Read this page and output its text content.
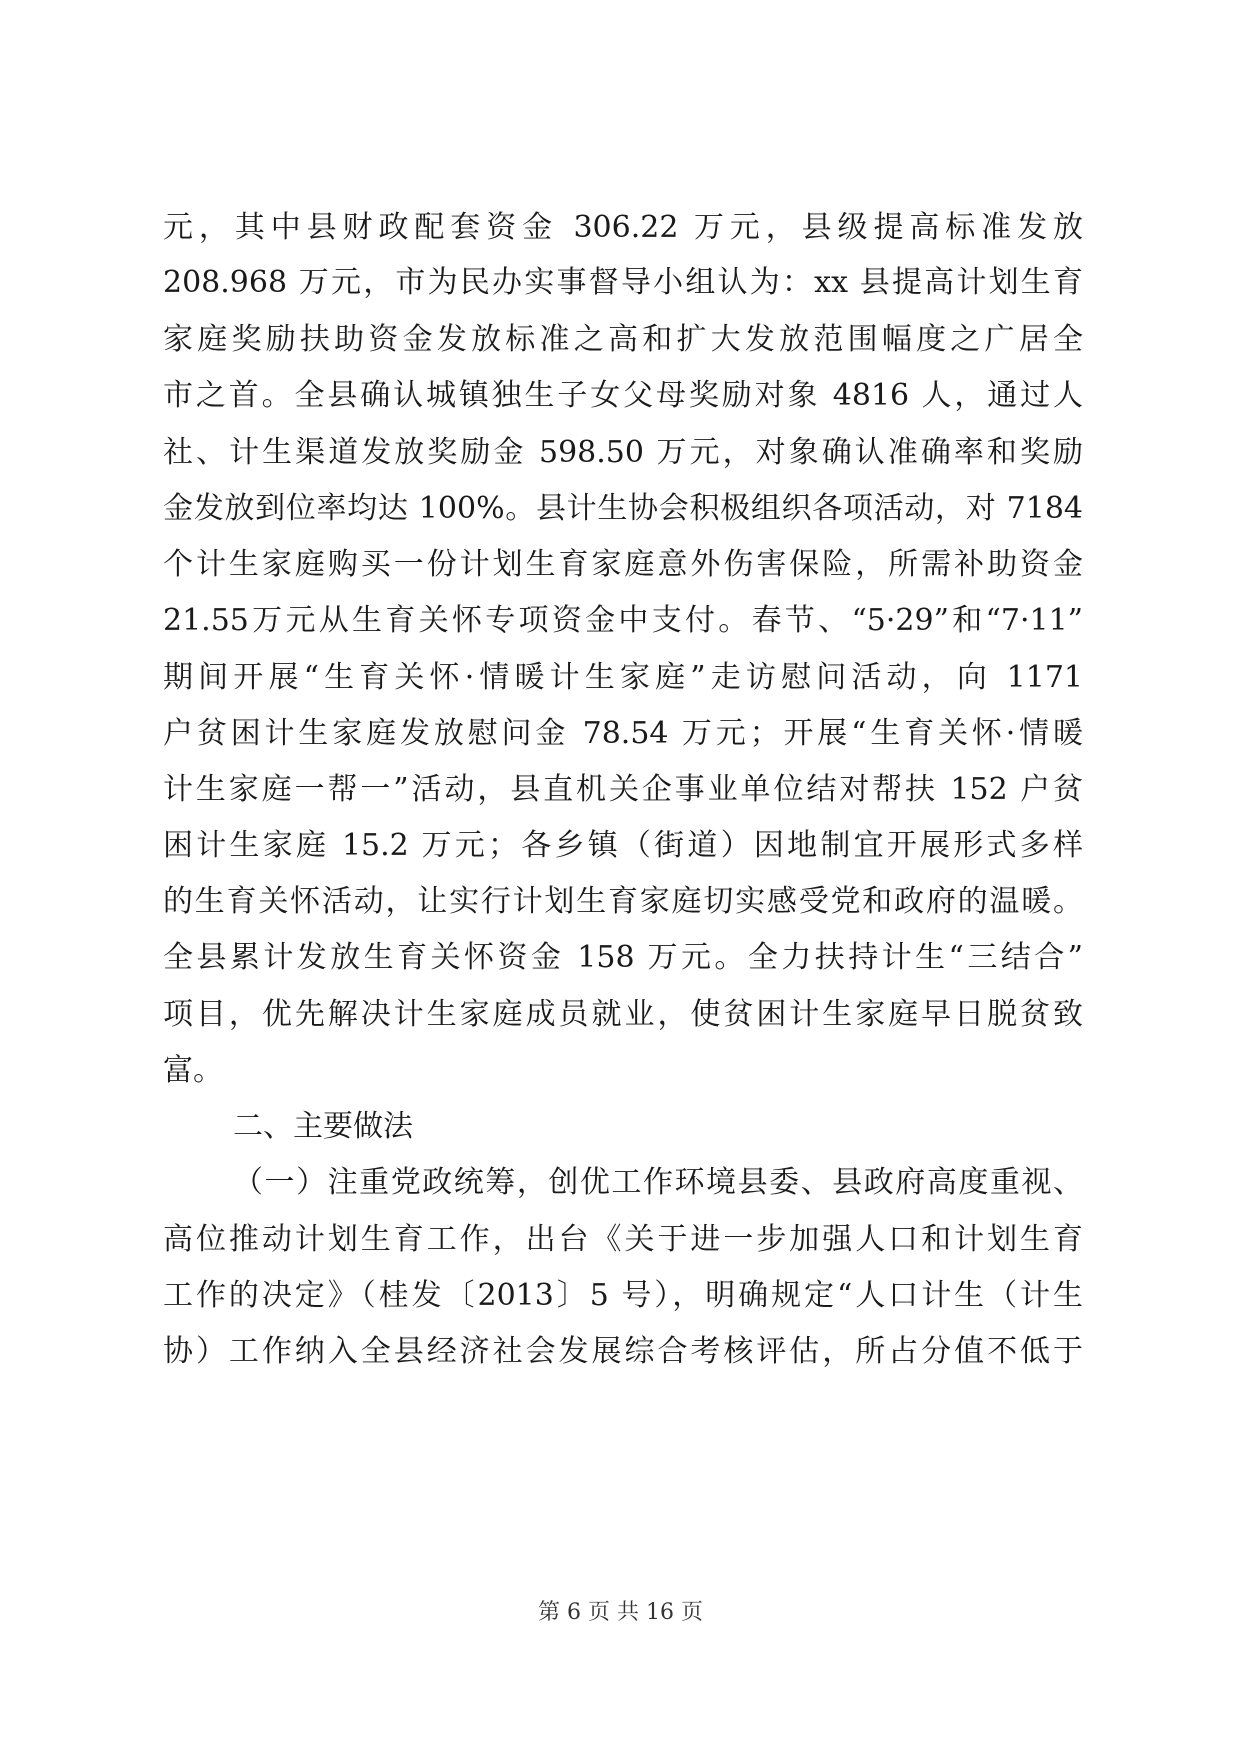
元，其中县财政配套资金 306.22 万元，县级提高标准发放
208.968 万元，市为民办实事督导小组认为：xx 县提高计划生育
家庭奖励扶助资金发放标准之高和扩大发放范围幅度之广居全
市之首。全县确认城镇独生子女父母奖励对象 4816 人，通过人
社、计生渠道发放奖励金 598.50 万元，对象确认准确率和奖励
金发放到位率均达 100%。县计生协会积极组织各项活动，对 7184
个计生家庭购买一份计划生育家庭意外伤害保险，所需补助资金
21.55万元从生育关怀专项资金中支付。春节、“5·29”和“7·11”
期间开展“生育关怀·情暖计生家庭”走访慰问活动，向 1171
户贫困计生家庭发放慰问金 78.54 万元；开展“生育关怀·情暖
计生家庭一帮一”活动，县直机关企事业单位结对帮扶 152 户贫
困计生家庭 15.2 万元；各乡镇（街道）因地制宜开展形式多样
的生育关怀活动，让实行计划生育家庭切实感受党和政府的温暖。
全县累计发放生育关怀资金 158 万元。全力扶持计生“三结合”
项目，优先解决计生家庭成员就业，使贫困计生家庭早日脱贫致
富。
二、主要做法
（一）注重党政统筹，创优工作环境县委、县政府高度重视、
高位推动计划生育工作，出台《关于进一步加强人口和计划生育
工作的决定》（桂发〔2013〕5 号），明确规定“人口计生（计生
协）工作纳入全县经济社会发展综合考核评估，所占分值不低于
第 6 页 共 16 页
